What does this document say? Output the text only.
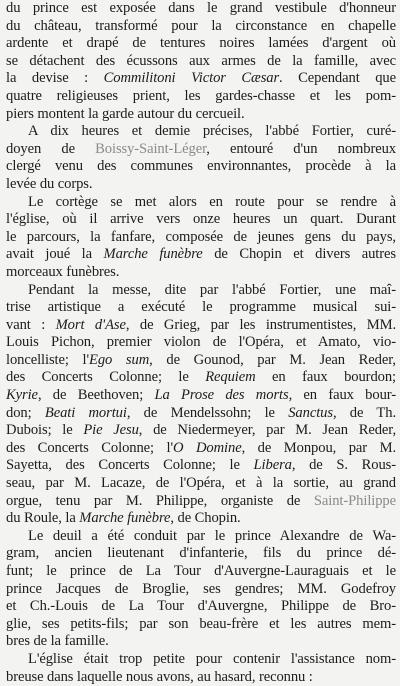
du prince est exposée dans le grand vestibule d'honneur
du château, transformé pour la circonstance en chapelle
ardente et drapé de tentures noires lamées d'argent où
se détachent des écussons aux armes de la famille, avec
la devise : Commilitoni Victor Cæsar. Cependant que
quatre religieuses prient, les gardes-chasse et les pom-
piers montent la garde autour du cercueil.
A dix heures et demie précises, l'abbé Fortier, curé-
doyen de Boissy-Saint-Léger, entouré d'un nombreux
clergé venu des communes environnantes, procède à la
levée du corps.
Le cortège se met alors en route pour se rendre à
l'église, où il arrive vers onze heures un quart. Durant
le parcours, la fanfare, composée de jeunes gens du pays,
avait joué la Marche funèbre de Chopin et divers autres
morceaux funèbres.
Pendant la messe, dite par l'abbé Fortier, une maî-
trise artistique a exécuté le programme musical sui-
vant : Mort d'Ase, de Grieg, par les instrumentistes, MM.
Louis Pichon, premier violon de l'Opéra, et Amato, vio-
loncelliste; l'Ego sum, de Gounod, par M. Jean Reder,
des Concerts Colonne; le Requiem en faux bourdon;
Kyrie, de Beethoven; La Prose des morts, en faux bour-
don; Beati mortui, de Mendelssohn; le Sanctus, de Th.
Dubois; le Pie Jesu, de Niedermeyer, par M. Jean Reder,
des Concerts Colonne; l'O Domine, de Monpou, par M.
Sayetta, des Concerts Colonne; le Libera, de S. Rous-
seau, par M. Lacaze, de l'Opéra, et à la sortie, au grand
orgue, tenu par M. Philippe, organiste de Saint-Philippe
du Roule, la Marche funèbre, de Chopin.
Le deuil a été conduit par le prince Alexandre de Wa-
gram, ancien lieutenant d'infanterie, fils du prince dé-
funt; le prince de La Tour d'Auvergne-Lauraguais et le
prince Jacques de Broglie, ses gendres; MM. Godefroy
et Ch.-Louis de La Tour d'Auvergne, Philippe de Bro-
glie, ses petits-fils; par son beau-frère et les autres mem-
bres de la famille.
L'église était trop petite pour contenir l'assistance nom-
breuse dans laquelle nous avons, au hasard, reconnu :
